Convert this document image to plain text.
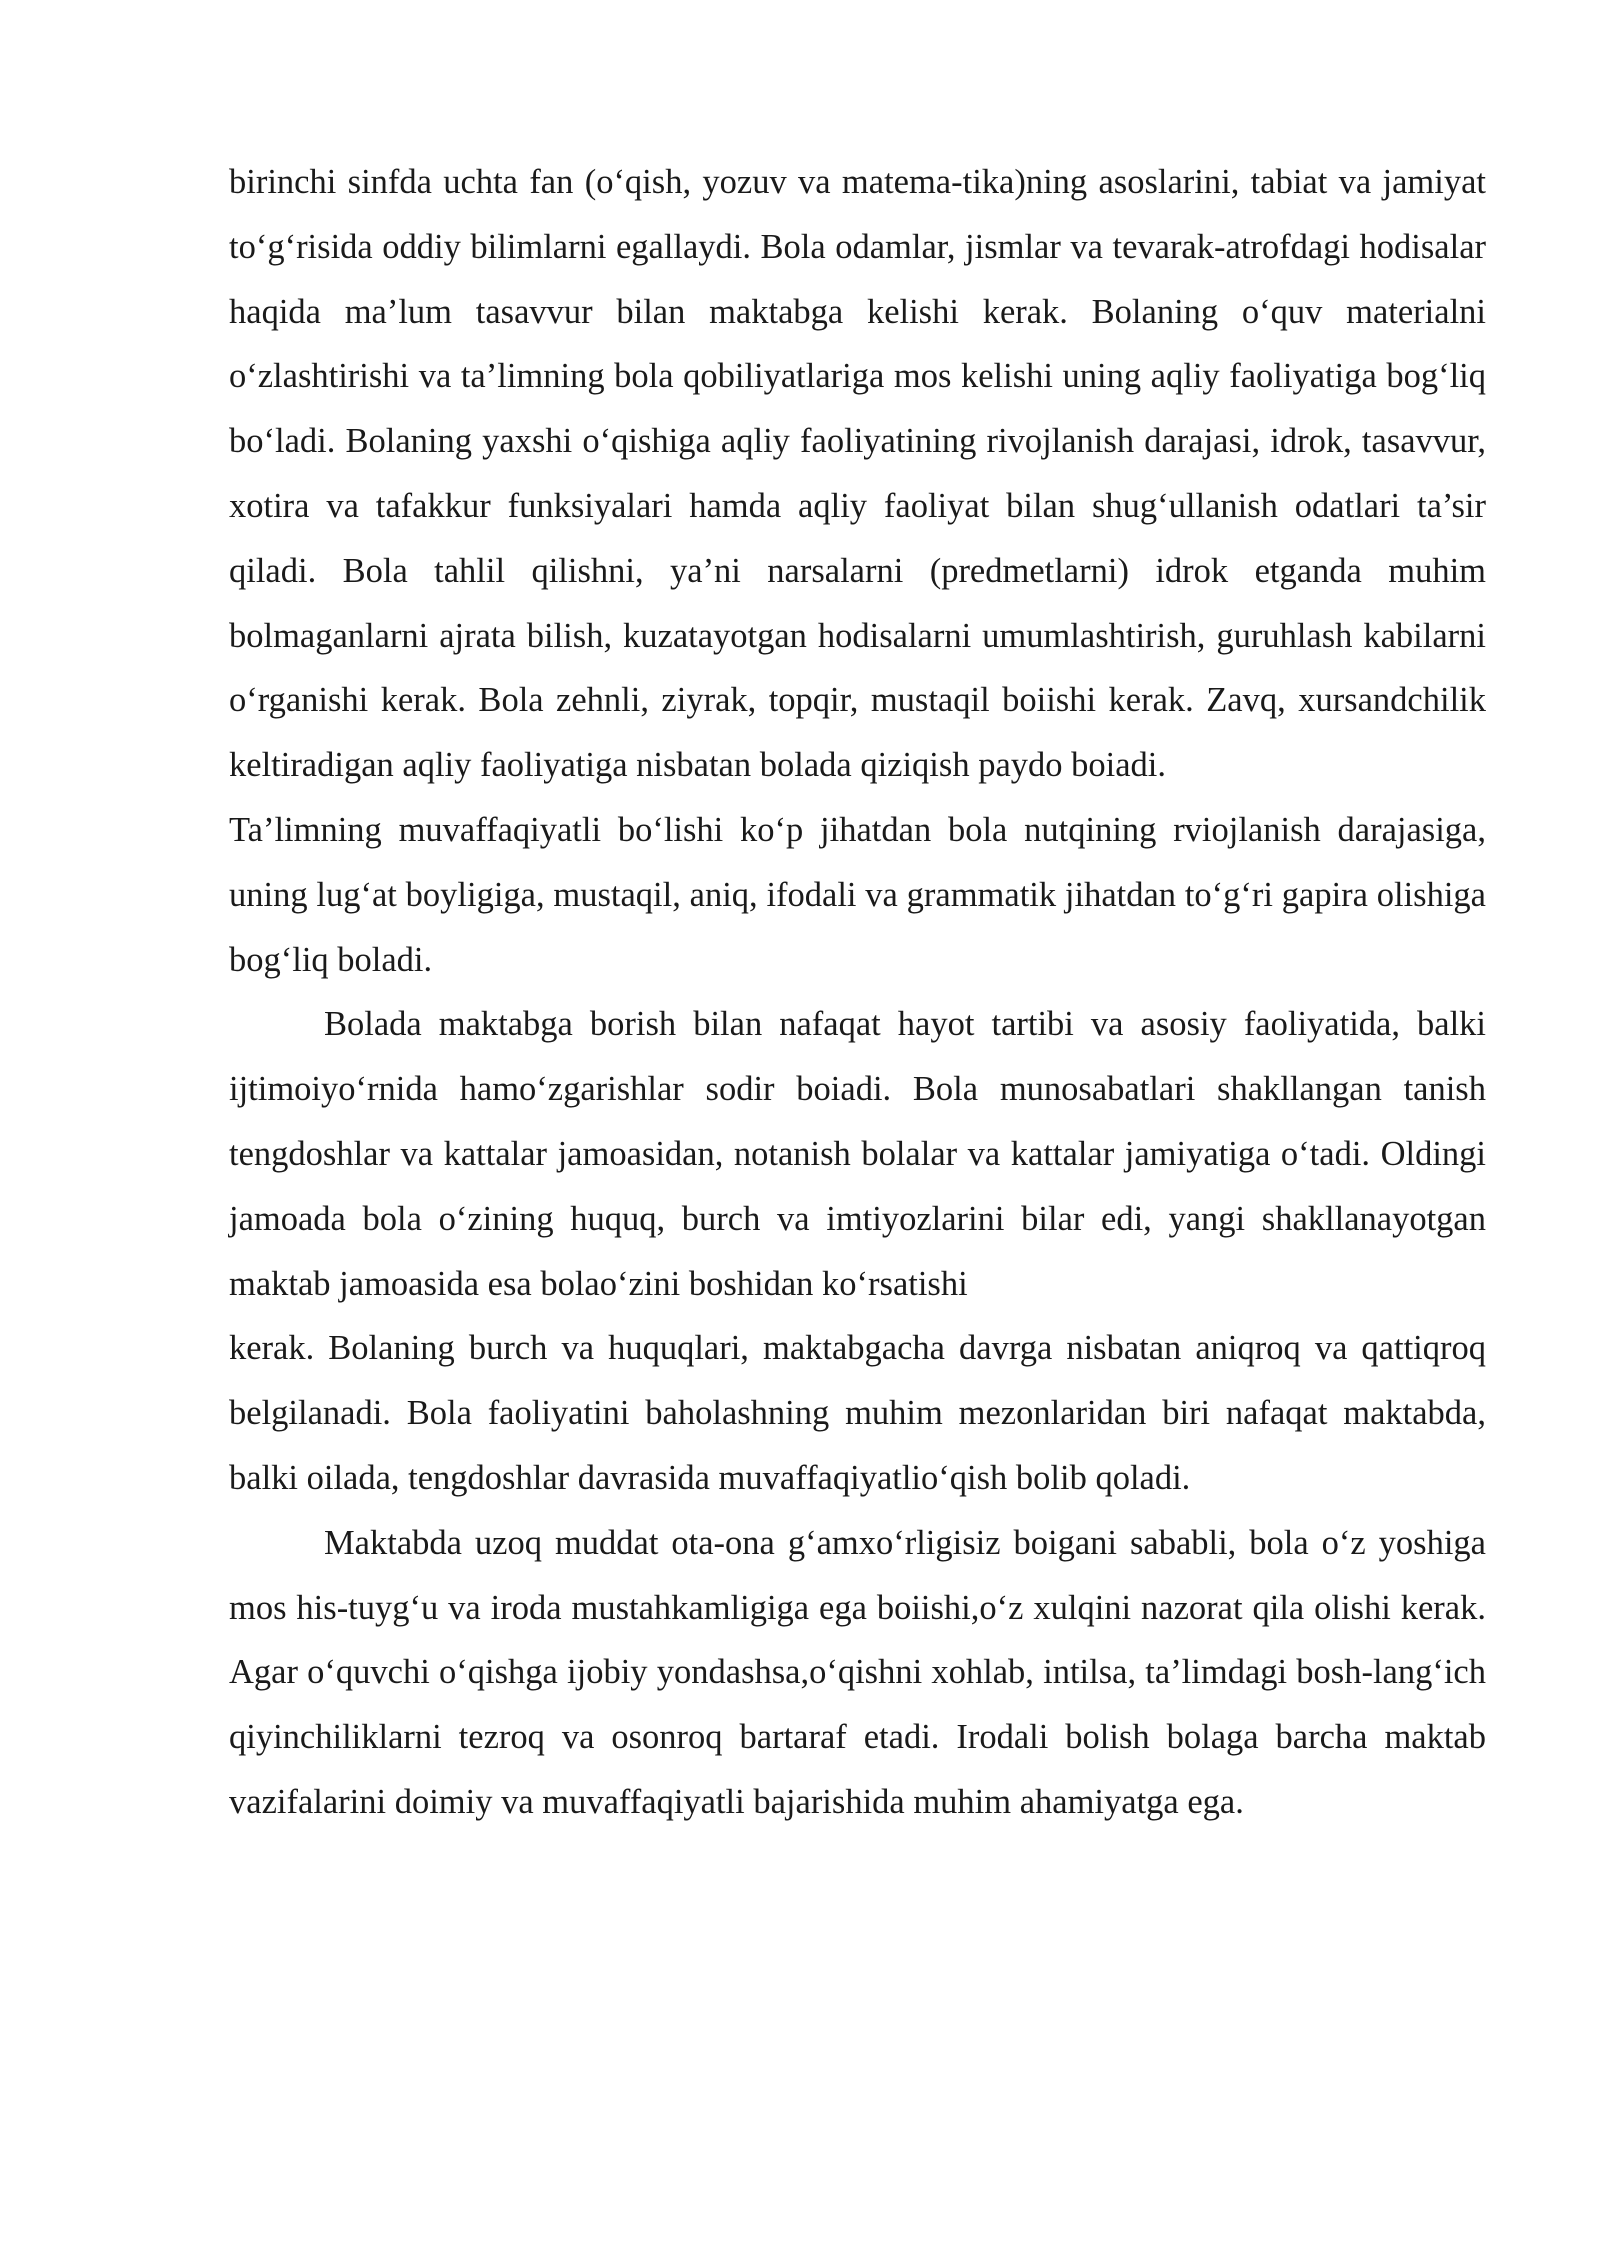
birinchi sinfda uchta fan (o‘qish, yozuv va matema-tika)ning asoslarini, tabiat va jamiyat to‘g‘risida oddiy bilimlarni egallaydi. Bola odamlar, jismlar va tevarak-atrofdagi hodisalar haqida ma’lum tasavvur bilan maktabga kelishi kerak. Bolaning o‘quv materialni o‘zlashtirishi va ta’limning bola qobiliyatlariga mos kelishi uning aqliy faoliyatiga bog‘liq bo‘ladi. Bolaning yaxshi o‘qishiga aqliy faoliyatining rivojlanish darajasi, idrok, tasavvur, xotira va tafakkur funksiyalari hamda aqliy faoliyat bilan shug‘ullanish odatlari ta’sir qiladi. Bola tahlil qilishni, ya’ni narsalarni (predmetlarni) idrok etganda muhim bolmaganlarni ajrata bilish, kuzatayotgan hodisalarni umumlashtirish, guruhlash kabilarni o‘rganishi kerak. Bola zehnli, ziyrak, topqir, mustaqil boiishi kerak. Zavq, xursandchilik keltiradigan aqliy faoliyatiga nisbatan bolada qiziqish paydo boiadi.

Ta’limning muvaffaqiyatli bo‘lishi ko‘p jihatdan bola nutqining rviojlanish darajasiga, uning lug‘at boyligiga, mustaqil, aniq, ifodali va grammatik jihatdan to‘g‘ri gapira olishiga bog‘liq boladi.

Bolada maktabga borish bilan nafaqat hayot tartibi va asosiy faoliyatida, balki ijtimoiyo‘rnida hamo‘zgarishlar sodir boiadi. Bola munosabatlari shakllangan tanish tengdoshlar va kattalar jamoasidan, notanish bolalar va kattalar jamiyatiga o‘tadi. Oldingi jamoada bola o‘zining huquq, burch va imtiyozlarini bilar edi, yangi shakllanayotgan maktab jamoasida esa bolao‘zini boshidan ko‘rsatishi

kerak. Bolaning burch va huquqlari, maktabgacha davrga nisbatan aniqroq va qattiqroq belgilanadi. Bola faoliyatini baholashning muhim mezonlaridan biri nafaqat maktabda, balki oilada, tengdoshlar davrasida muvaffaqiyatlio‘qish bolib qoladi.

Maktabda uzoq muddat ota-ona g‘amxo‘rligisiz boigani sababli, bola o‘z yoshiga mos his-tuyg‘u va iroda mustahkamligiga ega boiishi,o‘z xulqini nazorat qila olishi kerak. Agar o‘quvchi o‘qishga ijobiy yondashsa,o‘qishni xohlab, intilsa, ta’limdagi bosh-lang‘ich qiyinchiliklarni tezroq va osonroq bartaraf etadi. Irodali bolish bolaga barcha maktab vazifalarini doimiy va muvaffaqiyatli bajarishida muhim ahamiyatga ega.
